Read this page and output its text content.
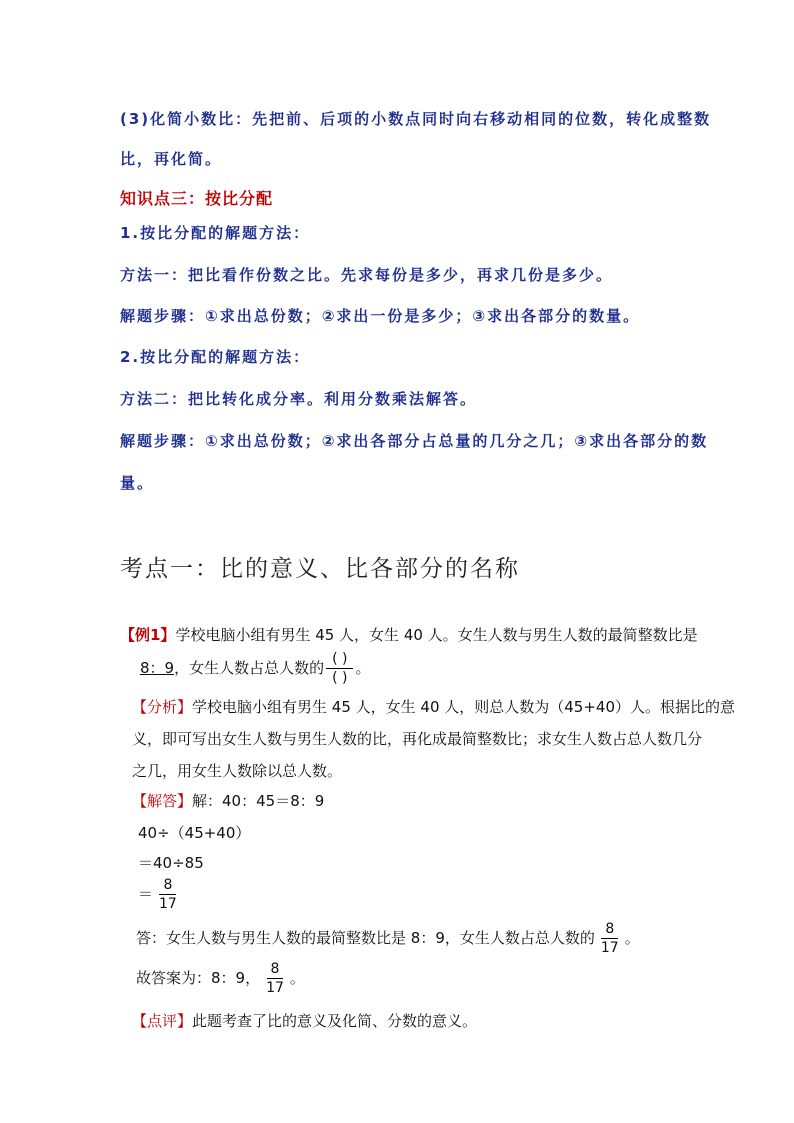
(3)化简小数比：先把前、后项的小数点同时向右移动相同的位数，转化成整数
比，再化简。
知识点三：按比分配
1.按比分配的解题方法：
方法一：把比看作份数之比。先求每份是多少，再求几份是多少。
解题步骤：①求出总份数；②求出一份是多少；③求出各部分的数量。
2.按比分配的解题方法：
方法二：把比转化成分率。利用分数乘法解答。
解题步骤：①求出总份数；②求出各部分占总量的几分之几；③求出各部分的数
量。
考点一：比的意义、比各部分的名称
【例1】学校电脑小组有男生 45 人，女生 40 人。女生人数与男生人数的最简整数比是
8：9，女生人数占总人数的 $\frac{( )}{( )}$ 。
【分析】学校电脑小组有男生 45 人，女生 40 人，则总人数为（45+40）人。根据比的意
义，即可写出女生人数与男生人数的比，再化成最简整数比；求女生人数占总人数几分
之几，用女生人数除以总人数。
【解答】解：40：45＝8：9
40÷（45+40）
＝40÷85
＝ $\frac{8}{17}$
答：女生人数与男生人数的最简整数比是 8：9，女生人数占总人数的 $\frac{8}{17}$ 。
故答案为：8：9， $\frac{8}{17}$ 。
【点评】此题考查了比的意义及化简、分数的意义。
